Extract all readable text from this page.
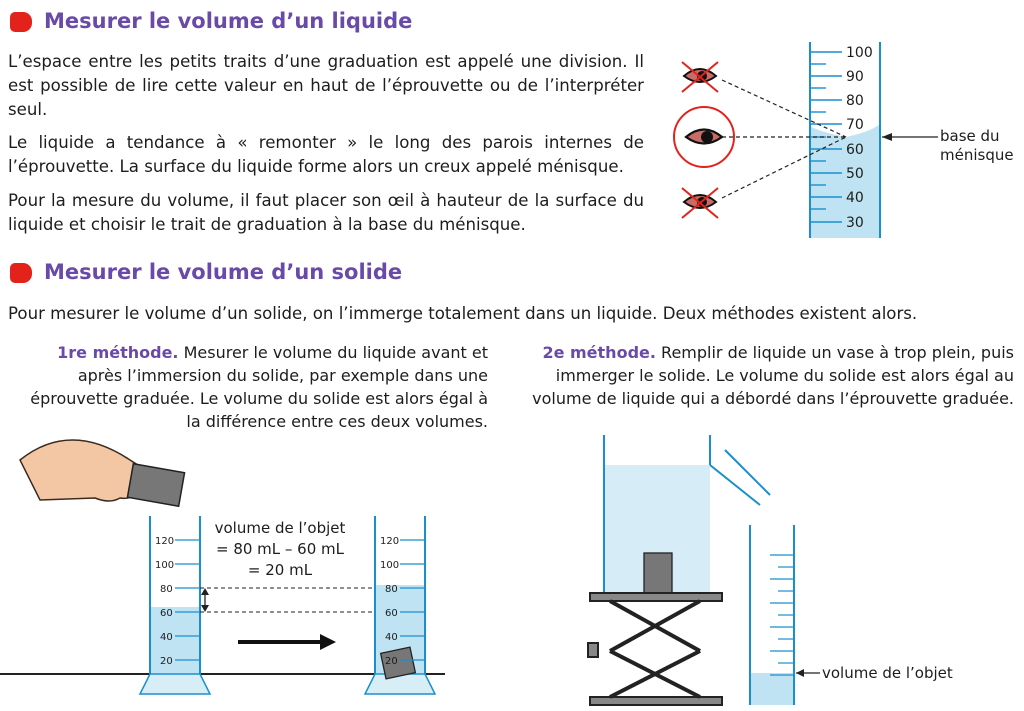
Mesurer le volume d’un liquide
L’espace entre les petits traits d’une graduation est appelé une division. Il est possible de lire cette valeur en haut de l’éprouvette ou de l’interpréter seul.
Le liquide a tendance à « remonter » le long des parois internes de l’éprouvette. La surface du liquide forme alors un creux appelé ménisque.
Pour la mesure du volume, il faut placer son œil à hauteur de la surface du liquide et choisir le trait de graduation à la base du ménisque.
100
90
80
70
60
50
40
30
base du ménisque
Mesurer le volume d’un solide
Pour mesurer le volume d’un solide, on l’immerge totalement dans un liquide. Deux méthodes existent alors.
1re méthode. Mesurer le volume du liquide avant et après l’immersion du solide, par exemple dans une éprouvette graduée. Le volume du solide est alors égal à la différence entre ces deux volumes.
2e méthode. Remplir de liquide un vase à trop plein, puis immerger le solide. Le volume du solide est alors égal au volume de liquide qui a débordé dans l’éprouvette graduée.
120
100
80
60
40
20
120
100
80
60
40
20
volume de l’objet
= 80 mL – 60 mL
= 20 mL
volume de l’objet
